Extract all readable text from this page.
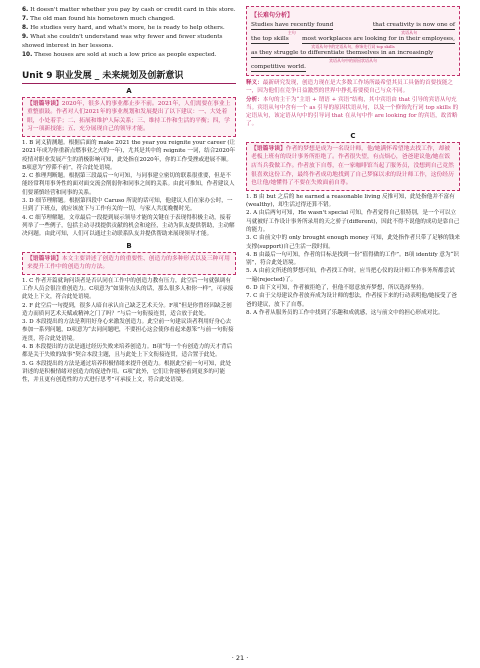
6. It doesn't matter whether you pay by cash or credit card in this store.

7. The old man found his hometown much changed.

8. He studies very hard, and what's more, he is ready to help others.

9. What she couldn't understand was why fewer and fewer students showed interest in her lessons.

10. These houses are sold at such a low price as people expected.

Unit 9 职业发展 _ 未来规划及创新意识
A
【语篇导读】2020年，很多人的事业都止步不前。2021年，人们需要在事业上重整旗鼓。作者对人们2021年的事业规划和发展提出了以下建议：一、大处着眼，小处着手；二、拓展和维护人际关系；三、维持工作和生活的平衡；四，学习一项新技能；五、充分展现自己的领导才能。

1. B 词义猜测题。根据后面的 make 2021 the year you reignite your career (让2021年成为你重新点燃事业之火的一年)，尤其是其中的 reignite 一词，结合2020年疫情对职业发展产生的消极影响可知，此处指在2020年，你的工作受挫或进展不顺。B项意为“停滞不前”，符合此处语境。

2. C 推理判断题。根据第三段最后一句可知，与同事建立密切的联系很重要，但是不能经常利用事务性的面对面交流会削弱你和同事之间的关系。由此可推知，作者建议人们要谨慎经营和同事的关系。

3. D 细节理解题。根据第四段中 Caruso 所说的话可知，他建议人们在家办公时，一旦到了下班点，就应该放下与工作有关的一切，与家人共度晚餐时光。

4. C 细节理解题。文章最后一段提到展示领导才能的关键在于表现得积极主动，接着列举了一些例子，包括主动寻找提供贡献的机会和途径，主动为队友提供帮助，主动解决问题。由此可知，人们可以通过主动联系队友并提供帮助来展现领导才能。

B
【语篇导读】本文主要讲述了创造力的重要性、创造力的多种形式以及三种可用来提升工作中的创造力的方法。

1. C 作者开篇就询问读者是否认同在工作中的创造力教有压力，此空后一句就强调有工作人员会很注重创造力。C项意为“如果你点头的话，那么很多人和你一样”，可承接此处上下文，符合此处语境。

2. F 此空后一句提到，很多人暗自承认自己缺乏艺术天分。F项“但是你曾经因缺乏创造力而质问艺术天赋或精神之门了吗？”与后一句衔接连贯，适合放于此处。

3. D 本段提出的方法是利用好身心来激发创造力。此空前一句建议读者利用好身心去参加一系列问题，D项意为“去同问题吧，不要担心这会使你看起来愚笨”与前一句衔接连贯，符合此处语境。

4. B 本段提出的方法是通过经历失败来培养创造力。B项“每一个有创造力的天才背后都是关于失败的故事”契合本段主题，且与此处上下文衔接连贯，适合置于此处。

5. G 本段提出的方法是通过培养积极情绪来提升创造力。根据此空前一句可知，此处讲述的是积极情绪对创造力的促进作用。G项“此外，它们让你能够看到更多的可能性，并且更有创造性的方式进行思考”可承接上文，符合此处语境。

【长难句分析】
Studies have recently found	that creativity is now one of
主句	宾语从句
the top skills most workplaces are looking for in their employees,
宾语从句中的定语从句，修饰先行词 top skills
as they struggle to differentiate themselves in an increasingly
宾语从句中的原因状语从句
competitive world.

释义：最新研究发现，创造力现在是大多数工作场所最希望其员工具备的首要技能之一，因为他们在竞争日益激烈的世界中挣扎着要使自己与众不同。

分析：本句的主干为“主语 + 谓语 + 宾语”结构，其中宾语由 that 引导的宾语从句充当。宾语从句中含有一个 as 引导的原因状语从句，以及一个修饰先行词 top skills 的定语从句，该定语从句中的引导词 that 在从句中作 are looking for 的宾语，故省略了。

C
【语篇导读】作者的梦想是成为一名设计师，他/她满怀希望地去找工作，却被老板上班有的设计事务所拒绝了。作者很失望，有点烦心，爸爸建议他/她在饭店当兵我做工作。作者放下自尊，在一家咖啡馆当起了服务员，没想到自己竟然很喜欢这份工作，最终作者成功地找到了自己梦寐以求的设计师工作，这份经历也让他/她懂得了不要在失败面前自尊。

1. B 由 but 之后的 he earned a reasonable living 反推可知，此处指他并不富有(wealthy)，却生活过得还算不错。

2. A 由后两句可知，He wasn't special 可知，作者觉得自己很特别，是一个可以立马就被好工作设计事务所录用的天之骄子(different)，因此不得不说他的成功是靠自己的能力。

3. C 由前文中的 only brought enough money 可知，此处指作者只带了足够的钱来支撑(support)自己生活一段时间。

4. B 由最后一句可知，作者的目标是找到一份“值得做的工作”。B项 identify 意为“识别”，符合此处语境。

5. A 由前文所述的梦想可知，作者找工作时，应当把心仪的设计师工作事务所都尝试一遍(rejected)了。

6. D 由下文可知，作者被拒绝了，但他不愿意放弃梦想，所以选择坚持。

7. C 由于父母建议作者放弃成为设计师的想法，作者接下来的行动表明他/她接受了爸爸的建议，放下了自尊。

8. A 作者从服务员的工作中找到了乐趣和成就感，这与前文中的担心形成对比。

· 21 ·
